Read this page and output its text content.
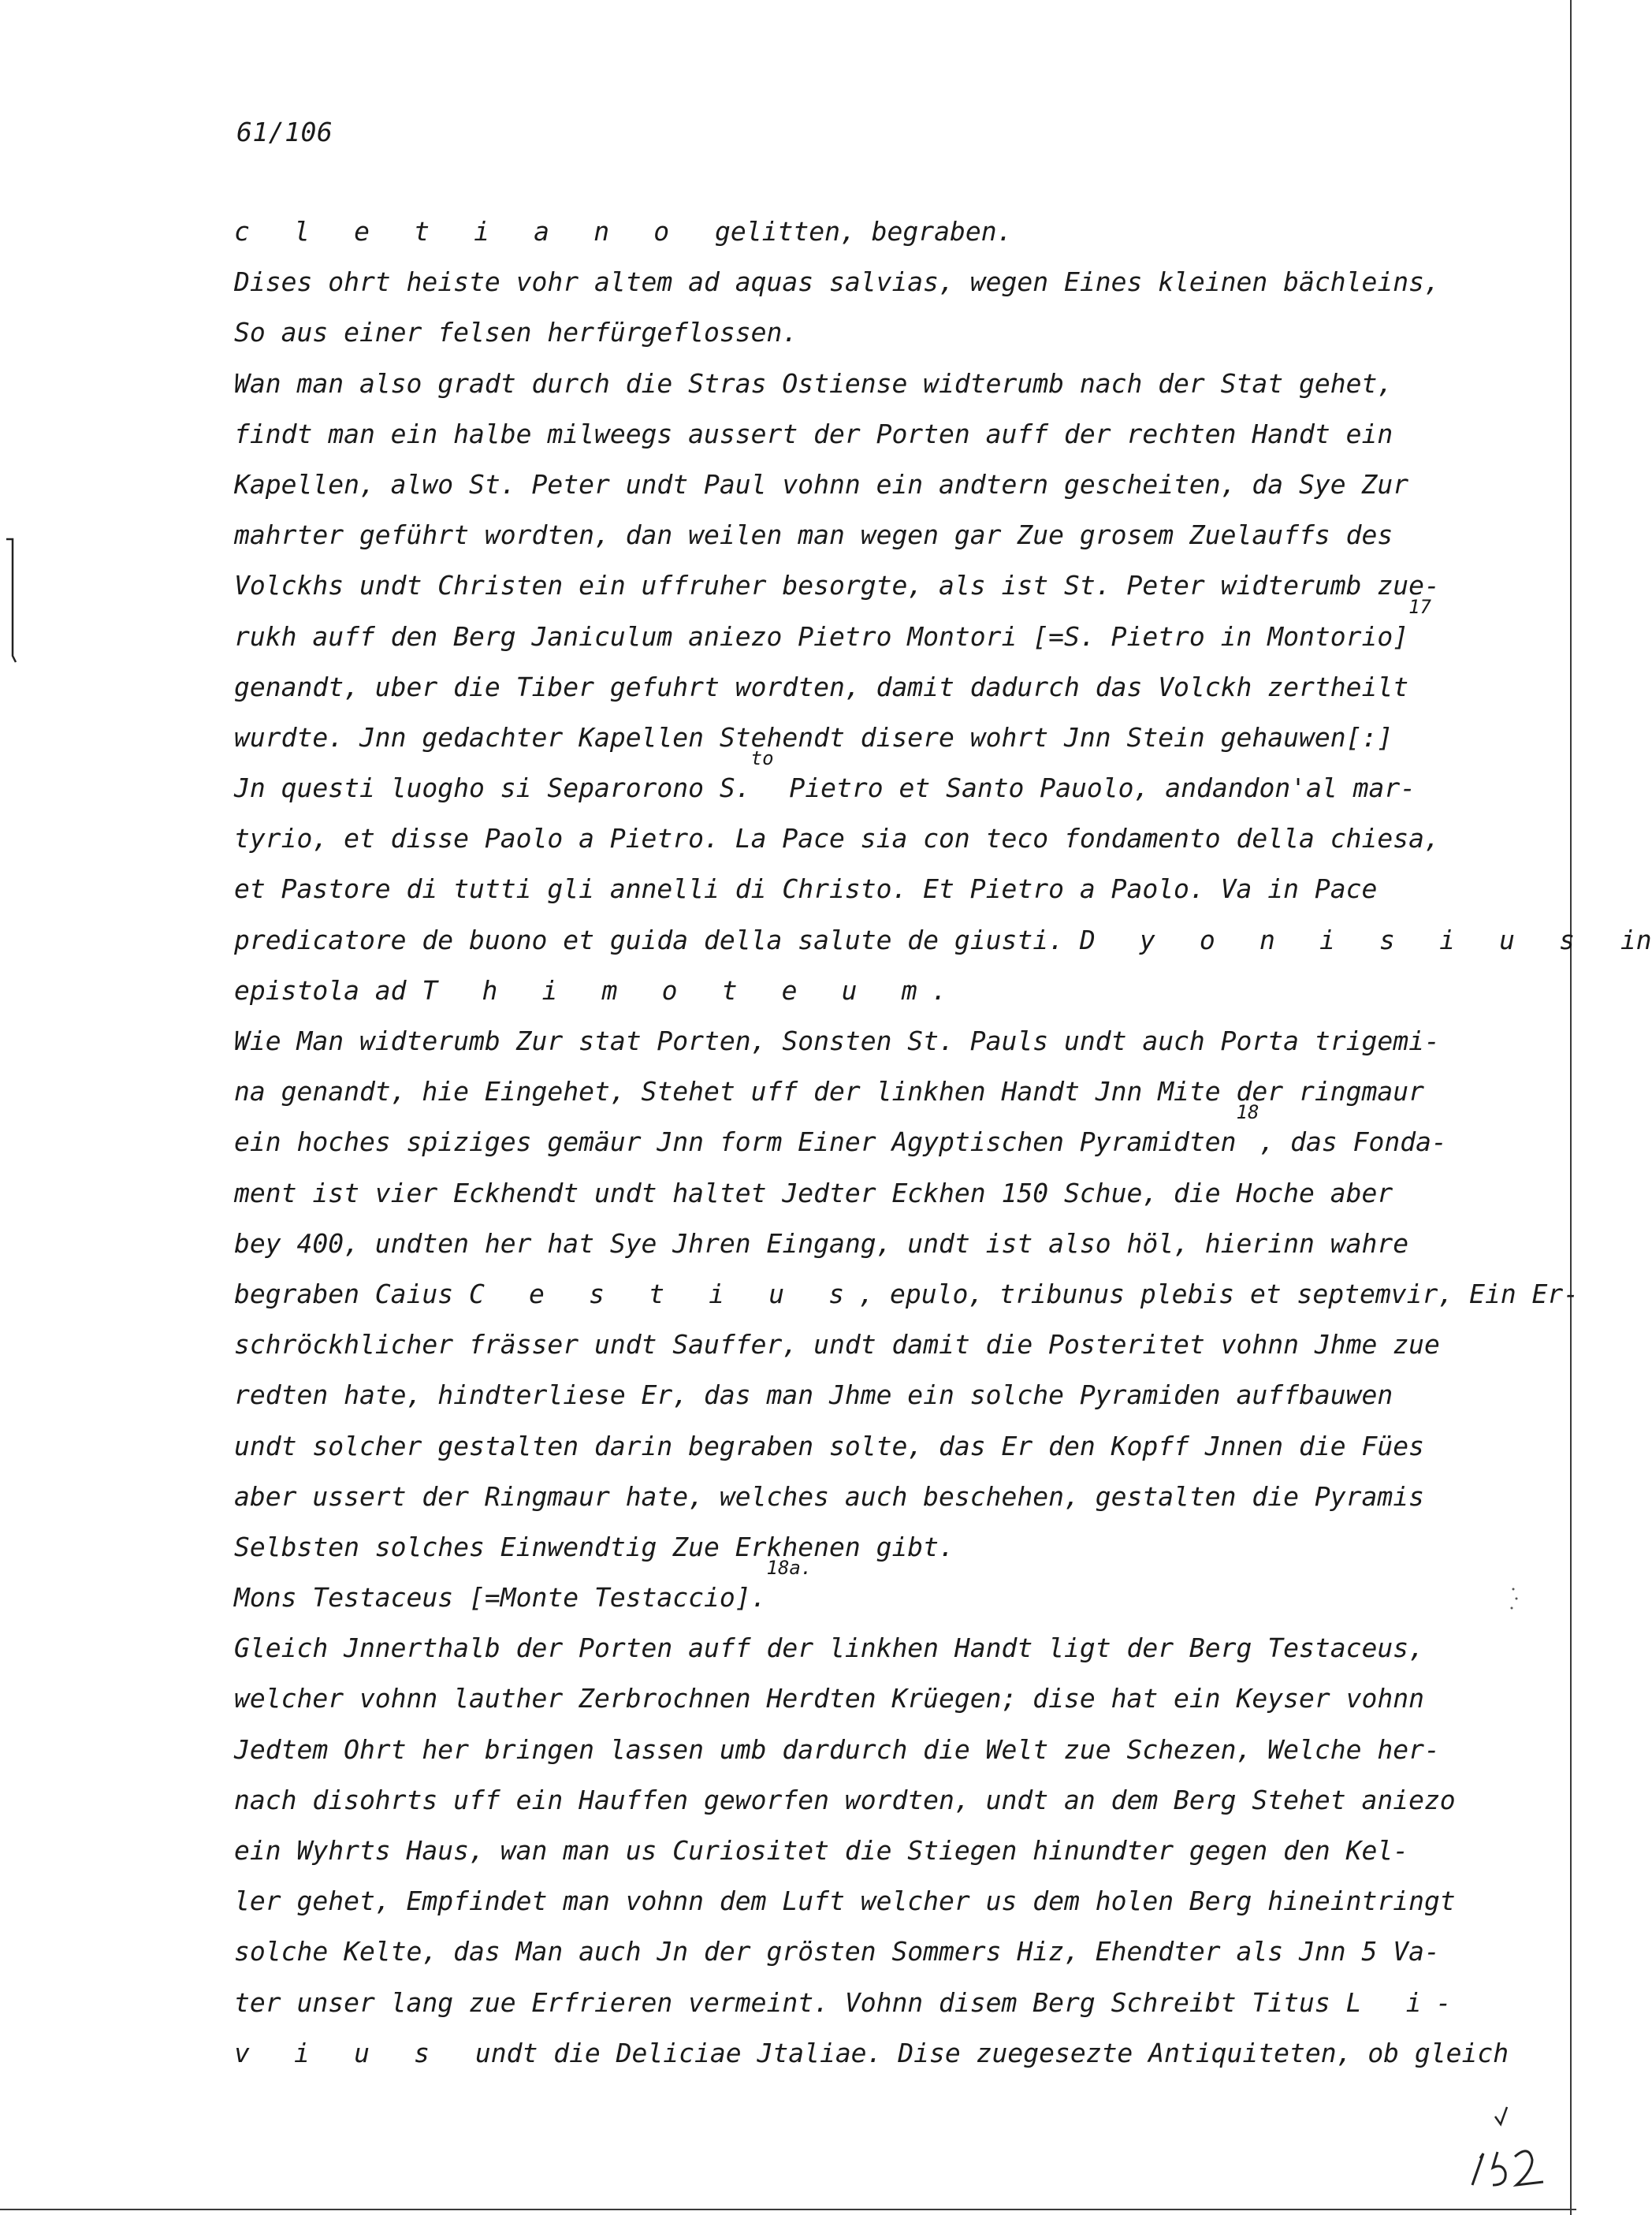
61/106
c l e t i a n o  gelitten, begraben.
Dises ohrt heiste vohr altem ad aquas salvias, wegen Eines kleinen bächleins,
So aus einer felsen herfürgeflossen.
Wan man also gradt durch die Stras Ostiense widterumb nach der Stat gehet,
findt man ein halbe milweegs aussert der Porten auff der rechten Handt ein
Kapellen, alwo St. Peter undt Paul vohnn ein andtern gescheiten, da Sye Zur
mahrter geführt wordten, dan weilen man wegen gar Zue grosem Zuelauffs des
Volckhs undt Christen ein uffruher besorgte, als ist St. Peter widterumb zue-
rukh auff den Berg Janiculum aniezo Pietro Montori [=S. Pietro in Montorio]$^{17}$
genandt, uber die Tiber gefuhrt wordten, damit dadurch das Volckh zertheilt
wurdte. Jnn gedachter Kapellen Stehendt disere wohrt Jnn Stein gehauwen[:]
Jn questi luogho si Separorono S.$^{to}$ Pietro et Santo Pauolo, andandon'al mar-
tyrio, et disse Paolo a Pietro. La Pace sia con teco fondamento della chiesa,
et Pastore di tutti gli annelli di Christo. Et Pietro a Paolo. Va in Pace
predicatore de buono et guida della salute de giusti. D y o n i s i u s  in
epistola ad T h i m o t e u m.
Wie Man widterumb Zur stat Porten, Sonsten St. Pauls undt auch Porta trigemi-
na genandt, hie Eingehet, Stehet uff der linkhen Handt Jnn Mite der ringmaur
ein hoches spiziges gemäur Jnn form Einer Agyptischen Pyramidten$^{18}$, das Fonda-
ment ist vier Eckhendt undt haltet Jedter Eckhen 150 Schue, die Hoche aber
bey 400, undten her hat Sye Jhren Eingang, undt ist also höl, hierinn wahre
begraben Caius C e s t i u s, epulo, tribunus plebis et septemvir, Ein Er-
schröckhlicher frässer undt Sauffer, undt damit die Posteritet vohnn Jhme zue
redten hate, hindterliese Er, das man Jhme ein solche Pyramiden auffbauwen
undt solcher gestalten darin begraben solte, das Er den Kopff Jnnen die Fües
aber ussert der Ringmaur hate, welches auch beschehen, gestalten die Pyramis
Selbsten solches Einwendtig Zue Erkhenen gibt.
Mons Testaceus [=Monte Testaccio].$^{18a.}$
Gleich Jnnerthalb der Porten auff der linkhen Handt ligt der Berg Testaceus,
welcher vohnn lauther Zerbrochnen Herdten Krüegen; dise hat ein Keyser vohnn
Jedtem Ohrt her bringen lassen umb dardurch die Welt zue Schezen, Welche her-
nach disohrts uff ein Hauffen geworfen wordten, undt an dem Berg Stehet aniezo
ein Wyhrts Haus, wan man us Curiositet die Stiegen hinundter gegen den Kel-
ler gehet, Empfindet man vohnn dem Luft welcher us dem holen Berg hineintringt
solche Kelte, das Man auch Jn der grösten Sommers Hiz, Ehendter als Jnn 5 Va-
ter unser lang zue Erfrieren vermeint. Vohnn disem Berg Schreibt Titus L i-
v i u s  undt die Deliciae Jtaliae. Dise zuegesezte Antiquiteten, ob gleich
